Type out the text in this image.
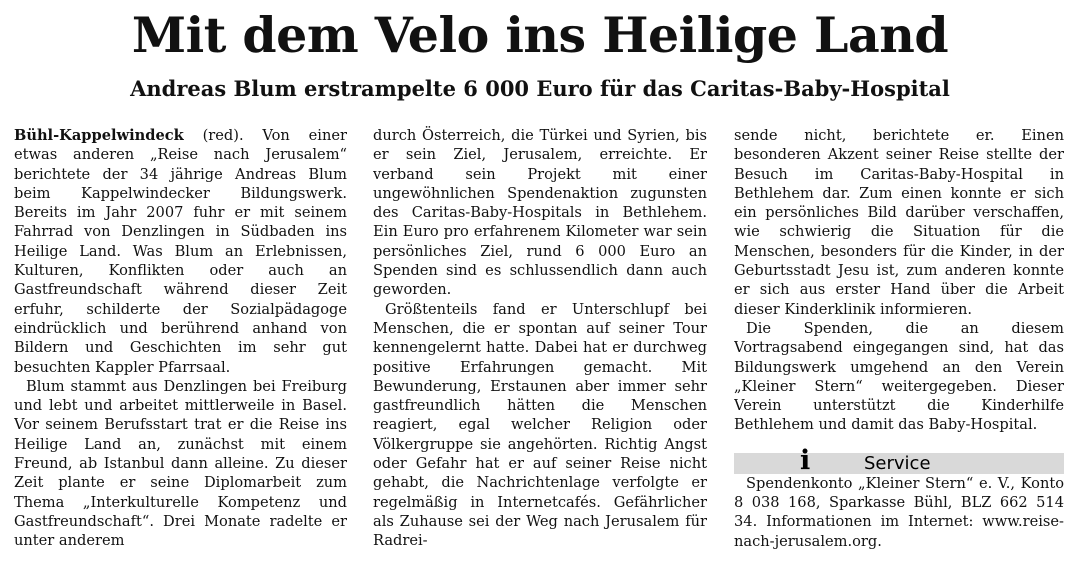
Mit dem Velo ins Heilige Land
Andreas Blum erstrampelte 6 000 Euro für das Caritas-Baby-Hospital

Bühl-Kappelwindeck (red). Von einer etwas anderen „Reise nach Jerusalem“ berichtete der 34 jährige Andreas Blum beim Kappelwindecker Bildungswerk. Bereits im Jahr 2007 fuhr er mit seinem Fahrrad von Denzlingen in Südbaden ins Heilige Land. Was Blum an Erlebnissen, Kulturen, Konflikten oder auch an Gastfreundschaft während dieser Zeit erfuhr, schilderte der Sozialpädagoge eindrücklich und berührend anhand von Bildern und Geschichten im sehr gut besuchten Kappler Pfarrsaal.

Blum stammt aus Denzlingen bei Freiburg und lebt und arbeitet mittlerweile in Basel. Vor seinem Berufsstart trat er die Reise ins Heilige Land an, zunächst mit einem Freund, ab Istanbul dann alleine. Zu dieser Zeit plante er seine Diplomarbeit zum Thema „Interkulturelle Kompetenz und Gastfreundschaft“. Drei Monate radelte er unter anderem

durch Österreich, die Türkei und Syrien, bis er sein Ziel, Jerusalem, erreichte. Er verband sein Projekt mit einer ungewöhnlichen Spendenaktion zugunsten des Caritas-Baby-Hospitals in Bethlehem. Ein Euro pro erfahrenem Kilometer war sein persönliches Ziel, rund 6 000 Euro an Spenden sind es schlussendlich dann auch geworden.

Größtenteils fand er Unterschlupf bei Menschen, die er spontan auf seiner Tour kennengelernt hatte. Dabei hat er durchweg positive Erfahrungen gemacht. Mit Bewunderung, Erstaunen aber immer sehr gastfreundlich hätten die Menschen reagiert, egal welcher Religion oder Völkergruppe sie angehörten. Richtig Angst oder Gefahr hat er auf seiner Reise nicht gehabt, die Nachrichtenlage verfolgte er regelmäßig in Internetcafés. Gefährlicher als Zuhause sei der Weg nach Jerusalem für Radrei-

sende nicht, berichtete er. Einen besonderen Akzent seiner Reise stellte der Besuch im Caritas-Baby-Hospital in Bethlehem dar. Zum einen konnte er sich ein persönliches Bild darüber verschaffen, wie schwierig die Situation für die Menschen, besonders für die Kinder, in der Geburtsstadt Jesu ist, zum anderen konnte er sich aus erster Hand über die Arbeit dieser Kinderklinik informieren.

Die Spenden, die an diesem Vortragsabend eingegangen sind, hat das Bildungswerk umgehend an den Verein „Kleiner Stern“ weitergegeben. Dieser Verein unterstützt die Kinderhilfe Bethlehem und damit das Baby-Hospital.

i	Service

Spendenkonto „Kleiner Stern“ e. V., Konto 8 038 168, Sparkasse Bühl, BLZ 662 514 34. Informationen im Internet: www.reise-nach-jerusalem.org.
